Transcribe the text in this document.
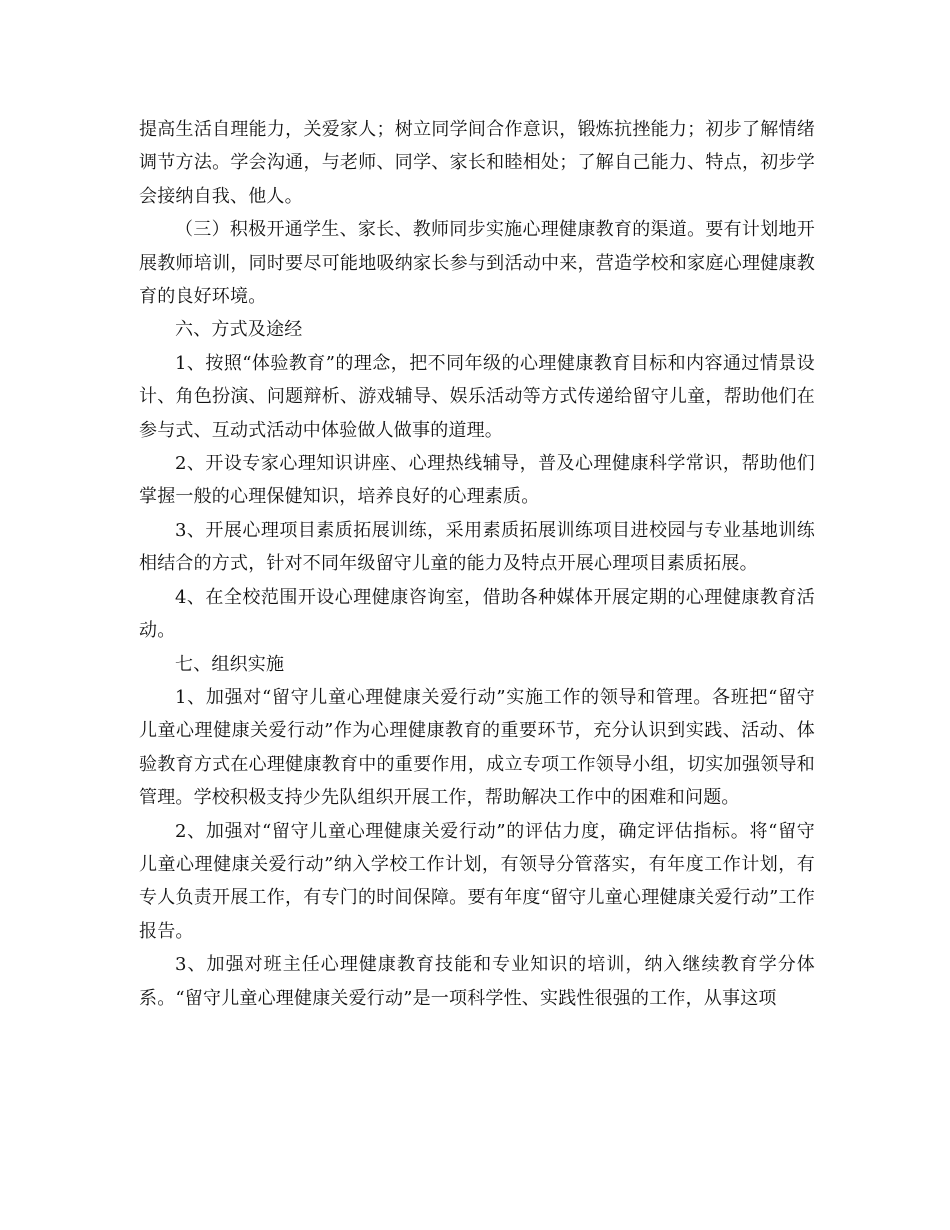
提高生活自理能力，关爱家人；树立同学间合作意识，锻炼抗挫能力；初步了解情绪调节方法。学会沟通，与老师、同学、家长和睦相处；了解自己能力、特点，初步学会接纳自我、他人。

（三）积极开通学生、家长、教师同步实施心理健康教育的渠道。要有计划地开展教师培训，同时要尽可能地吸纳家长参与到活动中来，营造学校和家庭心理健康教育的良好环境。

六、方式及途经

1、按照“体验教育”的理念，把不同年级的心理健康教育目标和内容通过情景设计、角色扮演、问题辩析、游戏辅导、娱乐活动等方式传递给留守儿童，帮助他们在参与式、互动式活动中体验做人做事的道理。

2、开设专家心理知识讲座、心理热线辅导，普及心理健康科学常识，帮助他们掌握一般的心理保健知识，培养良好的心理素质。

3、开展心理项目素质拓展训练，采用素质拓展训练项目进校园与专业基地训练相结合的方式，针对不同年级留守儿童的能力及特点开展心理项目素质拓展。

4、在全校范围开设心理健康咨询室，借助各种媒体开展定期的心理健康教育活动。

七、组织实施

1、加强对“留守儿童心理健康关爱行动”实施工作的领导和管理。各班把“留守儿童心理健康关爱行动”作为心理健康教育的重要环节，充分认识到实践、活动、体验教育方式在心理健康教育中的重要作用，成立专项工作领导小组，切实加强领导和管理。学校积极支持少先队组织开展工作，帮助解决工作中的困难和问题。

2、加强对“留守儿童心理健康关爱行动”的评估力度，确定评估指标。将“留守儿童心理健康关爱行动”纳入学校工作计划，有领导分管落实，有年度工作计划，有专人负责开展工作，有专门的时间保障。要有年度“留守儿童心理健康关爱行动”工作报告。

3、加强对班主任心理健康教育技能和专业知识的培训，纳入继续教育学分体系。“留守儿童心理健康关爱行动”是一项科学性、实践性很强的工作，从事这项
